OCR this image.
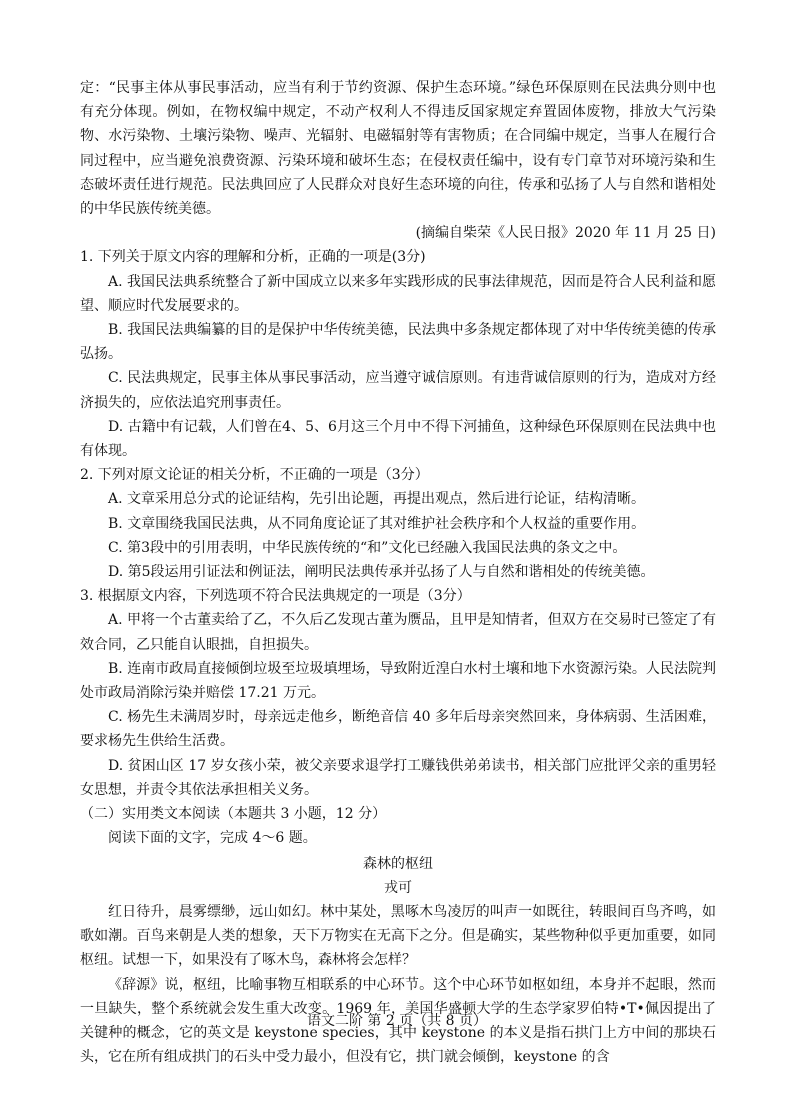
定：“民事主体从事民事活动，应当有利于节约资源、保护生态环境。”绿色环保原则在民法典分则中也有充分体现。例如，在物权编中规定，不动产权利人不得违反国家规定弃置固体废物，排放大气污染物、水污染物、土壤污染物、噪声、光辐射、电磁辐射等有害物质；在合同编中规定，当事人在履行合同过程中，应当避免浪费资源、污染环境和破坏生态；在侵权责任编中，设有专门章节对环境污染和生态破坏责任进行规范。民法典回应了人民群众对良好生态环境的向往，传承和弘扬了人与自然和谐相处的中华民族传统美德。

(摘编自柴荣《人民日报》2020 年 11 月 25 日)

1. 下列关于原文内容的理解和分析，正确的一项是(3分)

A. 我国民法典系统整合了新中国成立以来多年实践形成的民事法律规范，因而是符合人民利益和愿望、顺应时代发展要求的。

B. 我国民法典编纂的目的是保护中华传统美德，民法典中多条规定都体现了对中华传统美德的传承弘扬。

C. 民法典规定，民事主体从事民事活动，应当遵守诚信原则。有违背诚信原则的行为，造成对方经济损失的，应依法追究刑事责任。

D. 古籍中有记载，人们曾在4、5、6月这三个月中不得下河捕鱼，这种绿色环保原则在民法典中也有体现。

2. 下列对原文论证的相关分析，不正确的一项是（3分）

A. 文章采用总分式的论证结构，先引出论题，再提出观点，然后进行论证，结构清晰。

B. 文章围绕我国民法典，从不同角度论证了其对维护社会秩序和个人权益的重要作用。

C. 第3段中的引用表明，中华民族传统的“和”文化已经融入我国民法典的条文之中。

D. 第5段运用引证法和例证法，阐明民法典传承并弘扬了人与自然和谐相处的传统美德。

3. 根据原文内容，下列选项不符合民法典规定的一项是（3分）

A. 甲将一个古董卖给了乙，不久后乙发现古董为赝品，且甲是知情者，但双方在交易时已签定了有效合同，乙只能自认眼拙，自担损失。

B. 连南市政局直接倾倒垃圾至垃圾填埋场，导致附近湟白水村土壤和地下水资源污染。人民法院判处市政局消除污染并赔偿 17.21 万元。

C. 杨先生未满周岁时，母亲远走他乡，断绝音信 40 多年后母亲突然回来，身体病弱、生活困难，要求杨先生供给生活费。

D. 贫困山区 17 岁女孩小荣，被父亲要求退学打工赚钱供弟弟读书，相关部门应批评父亲的重男轻女思想，并责令其依法承担相关义务。

（二）实用类文本阅读（本题共 3 小题，12 分）

阅读下面的文字，完成 4～6 题。

森林的枢纽

戎可

红日待升，晨雾缥缈，远山如幻。林中某处，黑啄木鸟凌厉的叫声一如既往，转眼间百鸟齐鸣，如歌如潮。百鸟来朝是人类的想象，天下万物实在无高下之分。但是确实，某些物种似乎更加重要，如同枢纽。试想一下，如果没有了啄木鸟，森林将会怎样？

《辞源》说，枢纽，比喻事物互相联系的中心环节。这个中心环节如枢如纽，本身并不起眼，然而一旦缺失，整个系统就会发生重大改变。1969 年，美国华盛顿大学的生态学家罗伯特•T•佩因提出了关键种的概念，它的英文是 keystone species，其中 keystone 的本义是指石拱门上方中间的那块石头，它在所有组成拱门的石头中受力最小，但没有它，拱门就会倾倒，keystone 的含

语文二阶 第 2 页（共 8 页）
